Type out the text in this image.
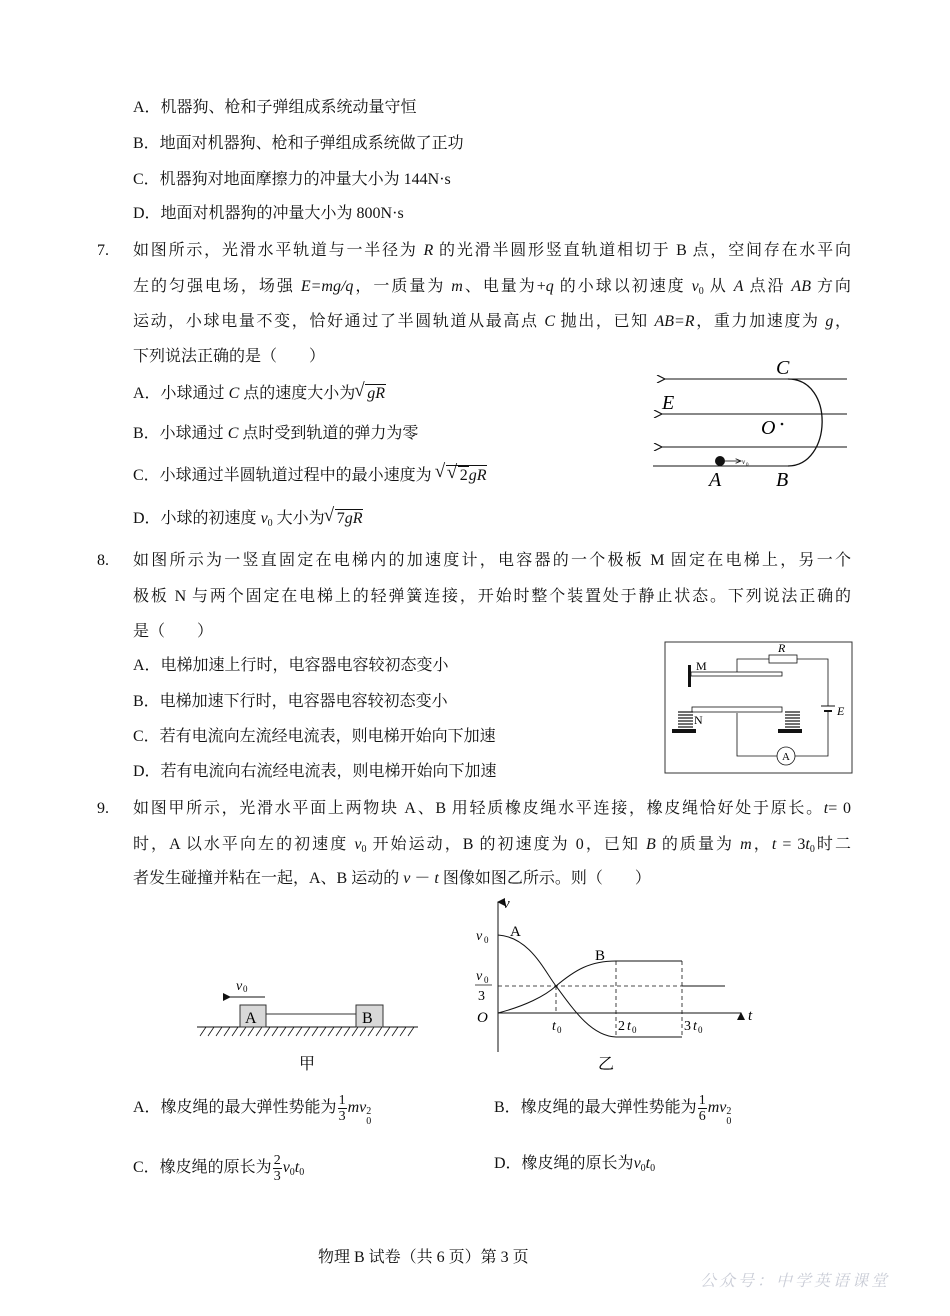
A．机器狗、枪和子弹组成系统动量守恒
B．地面对机器狗、枪和子弹组成系统做了正功
C．机器狗对地面摩擦力的冲量大小为 144N·s
D．地面对机器狗的冲量大小为 800N·s
7. 如图所示，光滑水平轨道与一半径为 R 的光滑半圆形竖直轨道相切于 B 点，空间存在水平向
左的匀强电场，场强 E=mg/q，一质量为 m、电量为+q 的小球以初速度 $v_0$ 从 A 点沿 AB 方向
运动，小球电量不变，恰好通过了半圆轨道从最高点 C 抛出，已知 AB=R，重力加速度为 g，
下列说法正确的是（　　）
A．小球通过 C 点的速度大小为 √ gR
B．小球通过 C 点时受到轨道的弹力为零
C．小球通过半圆轨道过程中的最小速度为 √ √ 2gR
D．小球的初速度 $v_0$ 大小为 √ 7gR
v 0
C
E
O
A	B
M
R
E
A
N
A	B
v 0
甲
v
t
v 0
v 0
3
O
A
B
t 0	2 t 0	3 t 0
乙
8. 如图所示为一竖直固定在电梯内的加速度计，电容器的一个极板 M 固定在电梯上，另一个
极板 N 与两个固定在电梯上的轻弹簧连接，开始时整个装置处于静止状态。下列说法正确的
是（　　）
A．电梯加速上行时，电容器电容较初态变小
B．电梯加速下行时，电容器电容较初态变小
C．若有电流向左流经电流表，则电梯开始向下加速
D．若有电流向右流经电流表，则电梯开始向下加速
9. 如图甲所示，光滑水平面上两物块 A、B 用轻质橡皮绳水平连接，橡皮绳恰好处于原长。t= 0
时，A 以水平向左的初速度 $v_0$ 开始运动，B 的初速度为 0，已知 B 的质量为 m，$t = 3t_0$时二
者发生碰撞并粘在一起，A、B 运动的 v － t 图像如图乙所示。则（　　）
A．橡皮绳的最大弹性势能为 $\frac{1}{3}$ mv 2
0
B．橡皮绳的最大弹性势能为 $\frac{1}{6}$ mv 2
0
C．橡皮绳的原长为 $\frac{2}{3} v_0t_0$
D．橡皮绳的原长为$v_0t_0$
物理 B 试卷（共 6 页）第 3 页
公众号：中学英语课堂
